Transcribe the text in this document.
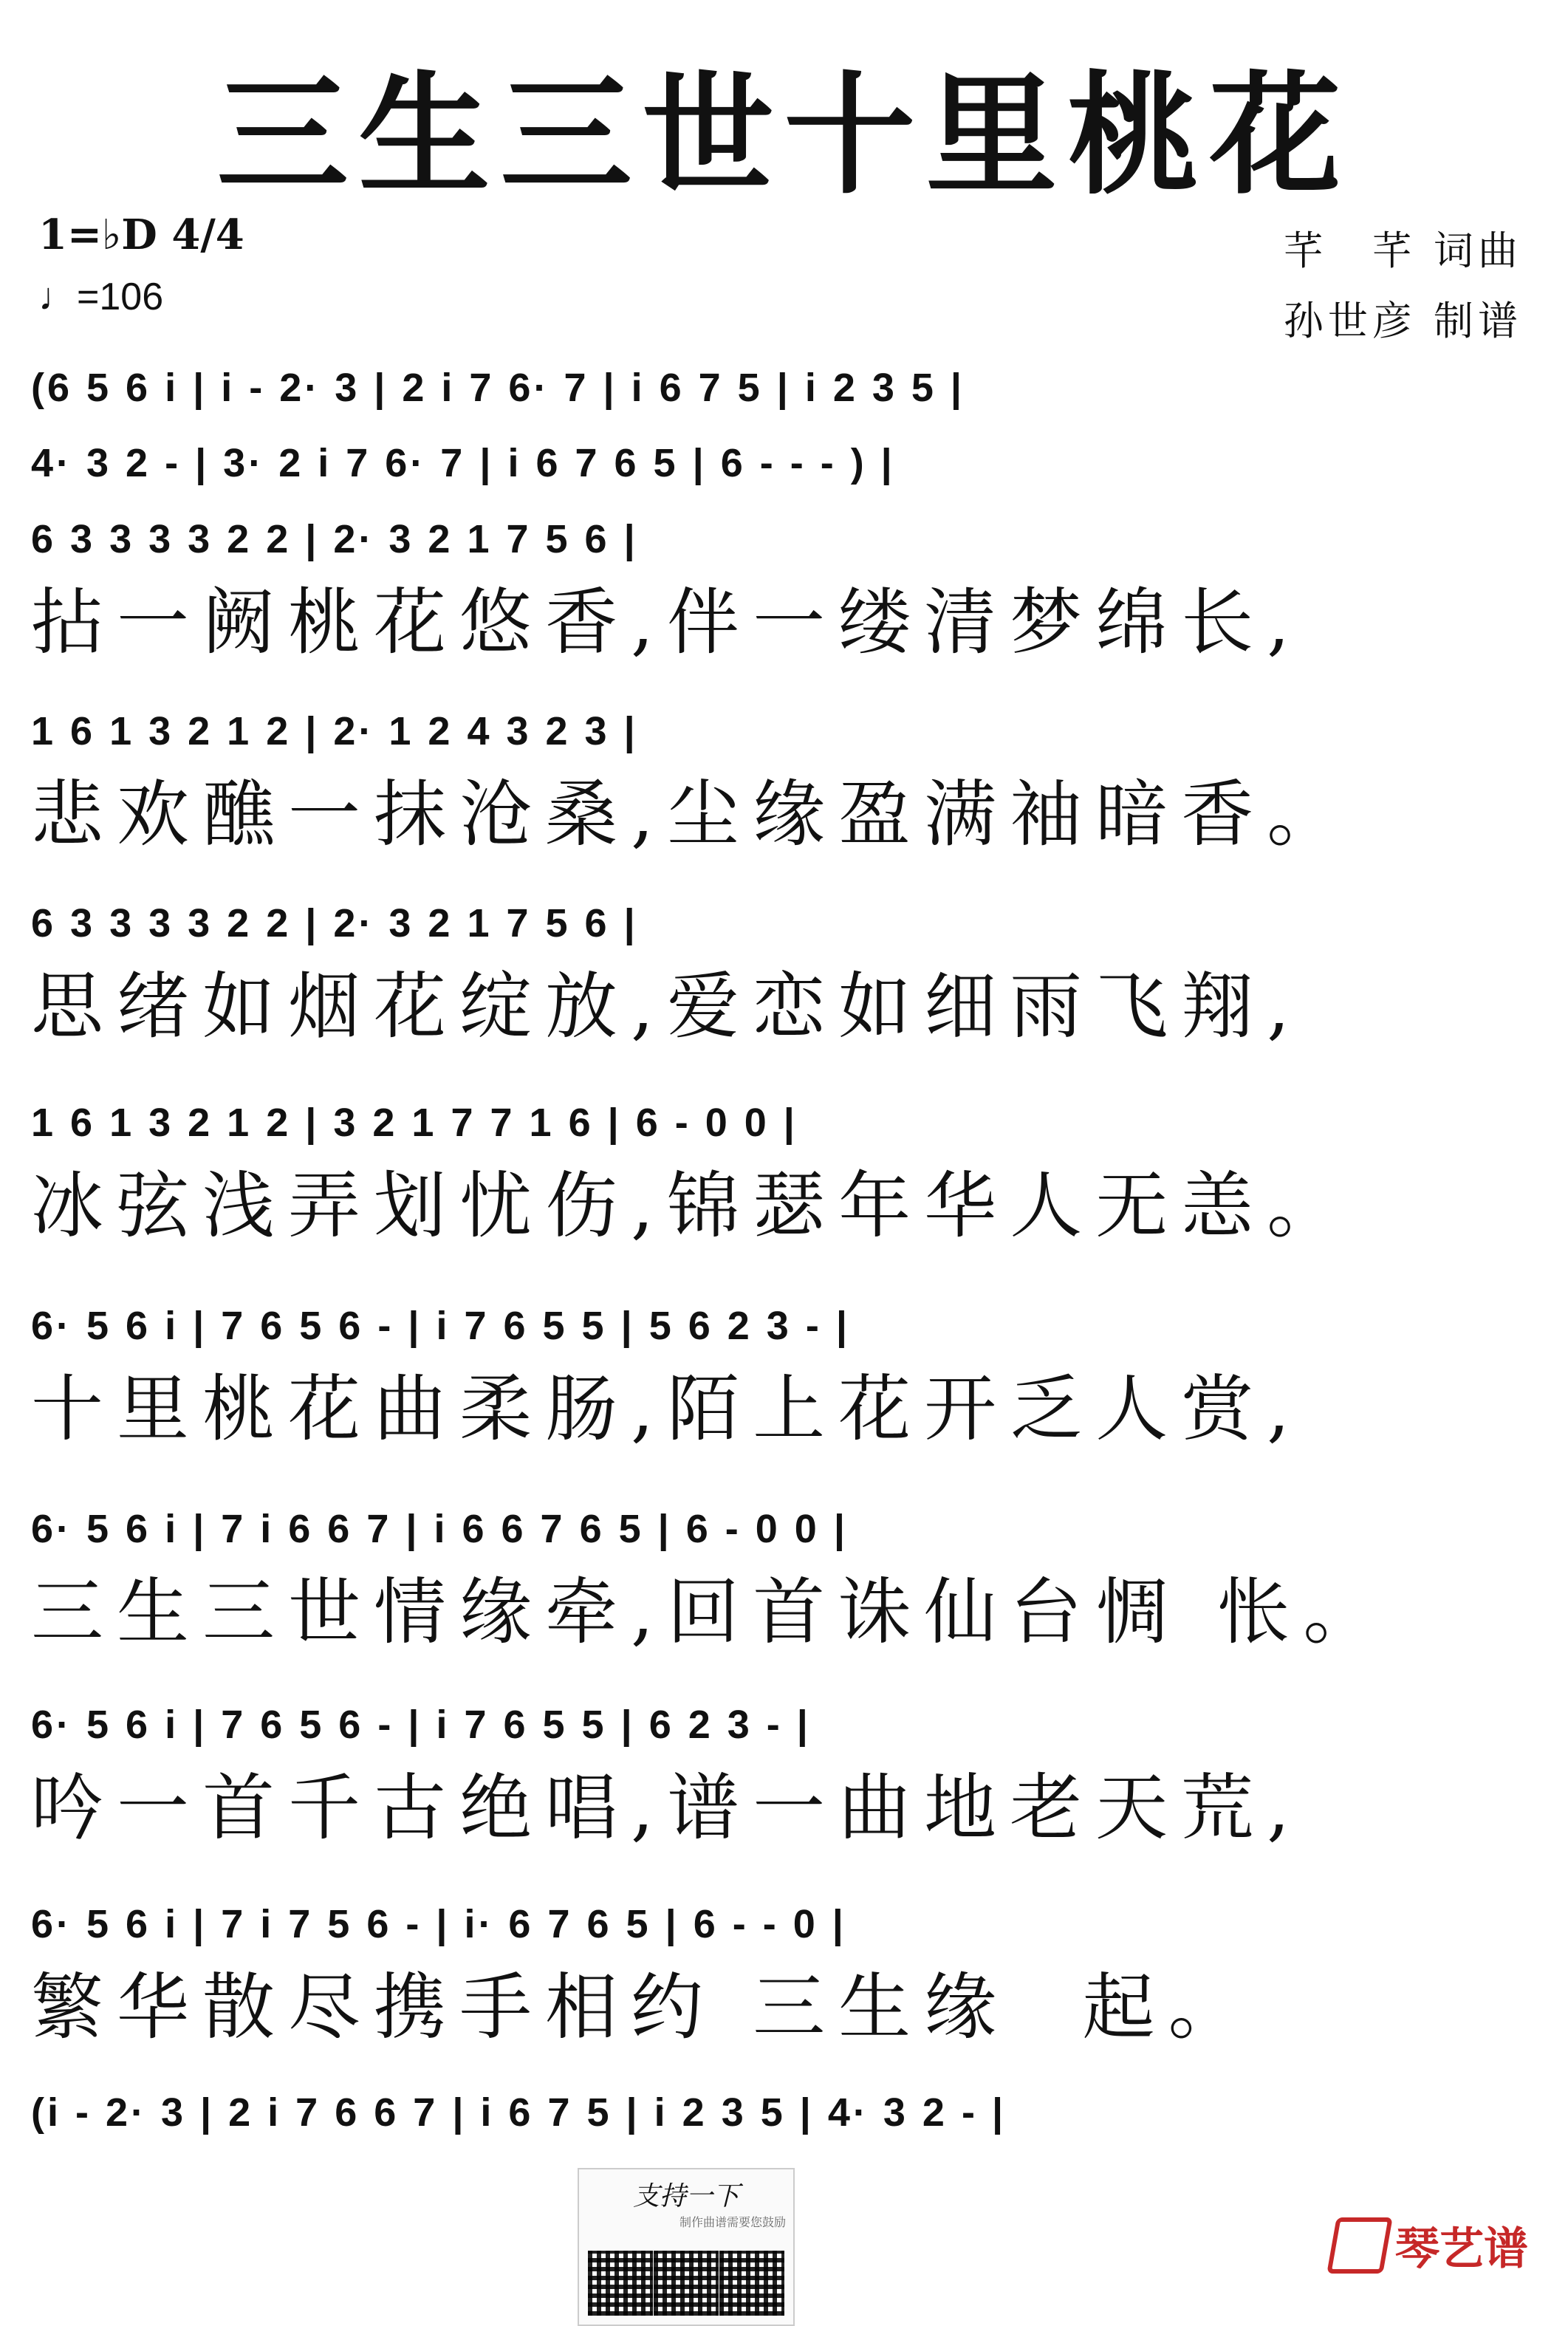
三生三世十里桃花
1=♭D 4/4
♩=106
芊　芊 词曲
孙世彦 制谱
(6 5 6 i | i - 2· 3 | 2 i 7 6· 7 | i 6 7 5 | i 2 3 5 |
4· 3 2 - | 3· 2 i 7 6· 7 | i 6 7 6 5 | 6 - - - ) |
6 3 3 3 3 2 2 | 2· 3 2 1 7 5 6 |
拈一阙桃花悠香,伴一缕清梦绵长,
1 6 1 3 2 1 2 | 2· 1 2 4 3 2 3 |
悲欢醮一抹沧桑,尘缘盈满袖暗香。
6 3 3 3 3 2 2 | 2· 3 2 1 7 5 6 |
思绪如烟花绽放,爱恋如细雨飞翔,
1 6 1 3 2 1 2 | 3 2 1 7 7 1 6 | 6 - 0 0 |
冰弦浅弄划忧伤,锦瑟年华人无恙。
6· 5 6 i | 7 6 5 6 - | i 7 6 5 5 | 5 6 2 3 - |
十里桃花曲柔肠,陌上花开乏人赏,
6· 5 6 i | 7 i 6 6 7 | i 6 6 7 6 5 | 6 - 0 0 |
三生三世情缘牵,回首诛仙台惆 怅。
6· 5 6 i | 7 6 5 6 - | i 7 6 5 5 | 6 2 3 - |
吟一首千古绝唱,谱一曲地老天荒,
6· 5 6 i | 7 i 7 5 6 - | i· 6 7 6 5 | 6 - - 0 |
繁华散尽携手相约 三生缘  起。
(i - 2· 3 | 2 i 7 6 6 7 | i 6 7 5 | i 2 3 5 | 4· 3 2 - |
支持一下
制作曲谱需要您鼓励
琴艺谱
